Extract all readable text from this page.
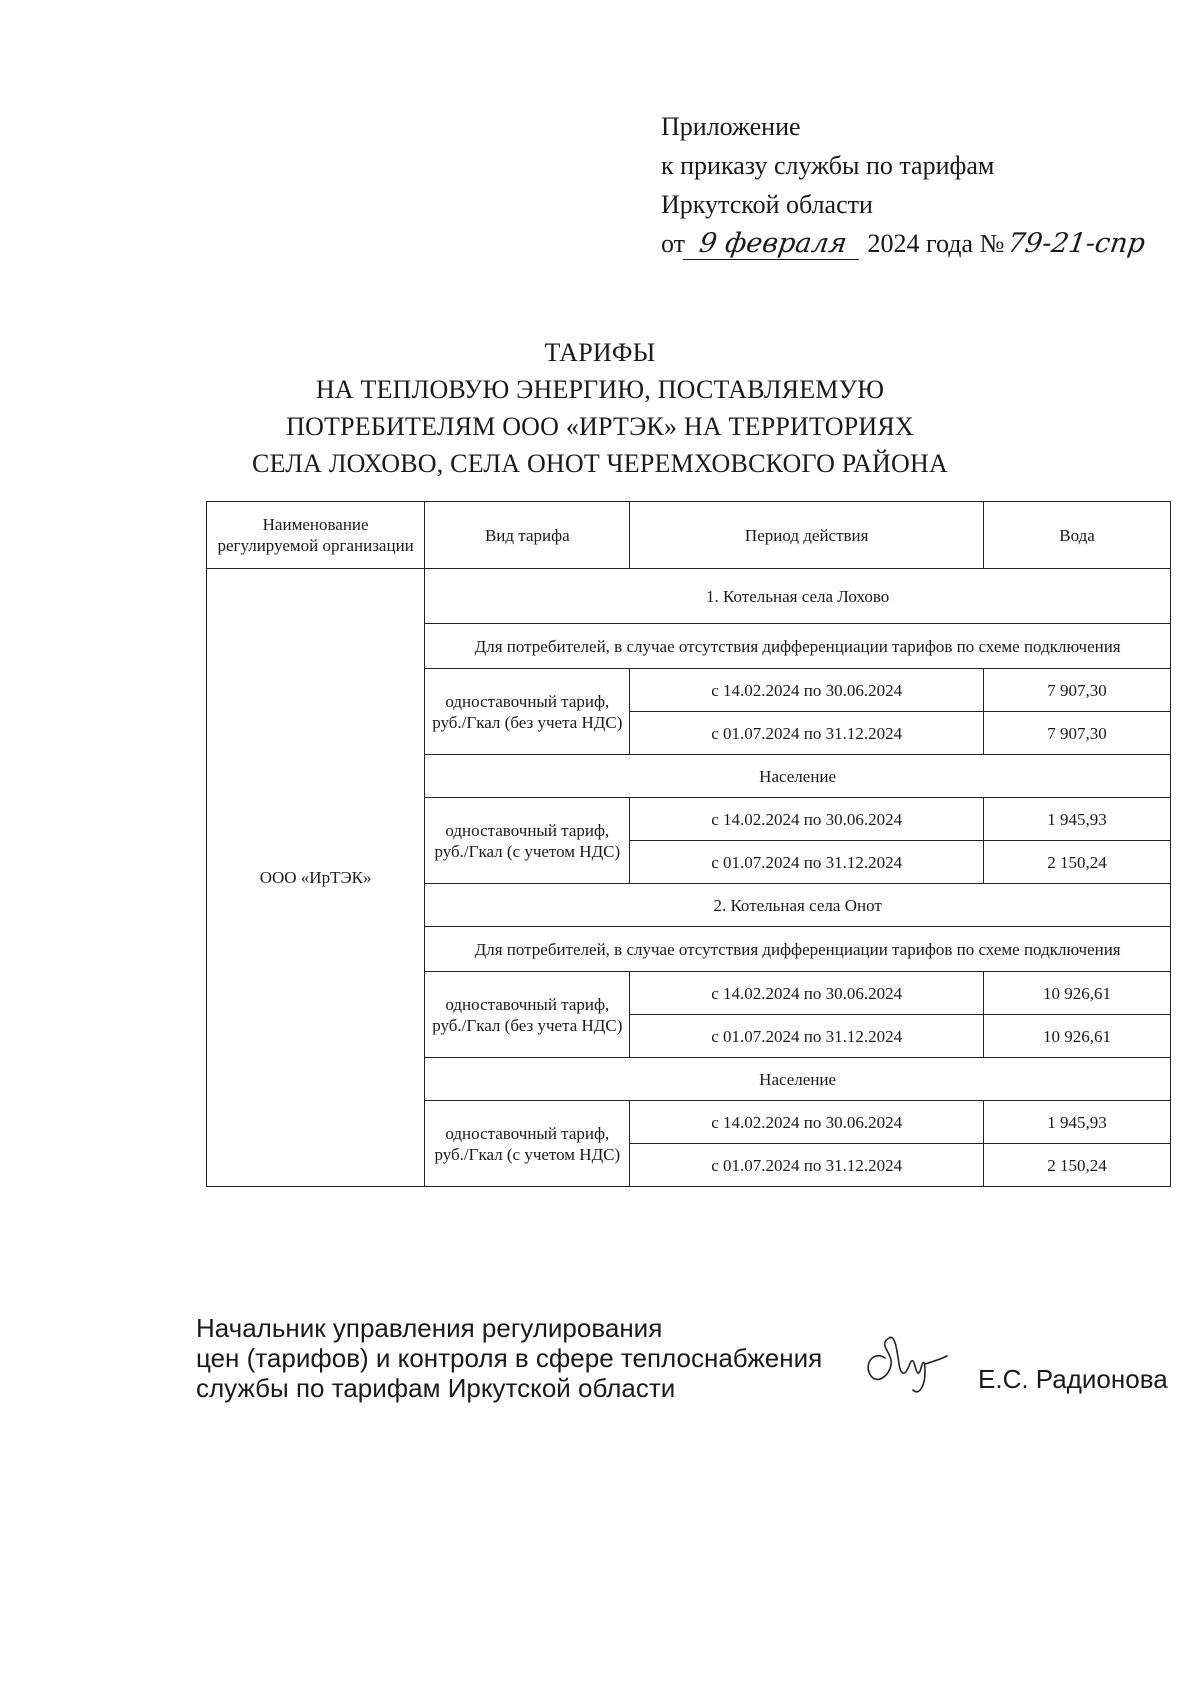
Приложение
к приказу службы по тарифам
Иркутской области
от 9 февраля 2024 года №79-21-спр
ТАРИФЫ
НА ТЕПЛОВУЮ ЭНЕРГИЮ, ПОСТАВЛЯЕМУЮ
ПОТРЕБИТЕЛЯМ ООО «ИРТЭК» НА ТЕРРИТОРИЯХ
СЕЛА ЛОХОВО, СЕЛА ОНОТ ЧЕРЕМХОВСКОГО РАЙОНА
Наименование регулируемой организации	Вид тарифа	Период действия	Вода
ООО «ИрТЭК»	1. Котельная села Лохово		
	Для потребителей, в случае отсутствия дифференциации тарифов по схеме подключения		
	одноставочный тариф, руб./Гкал (без учета НДС)	с 14.02.2024 по 30.06.2024	7 907,30
		с 01.07.2024 по 31.12.2024	7 907,30
	Население		
	одноставочный тариф, руб./Гкал (с учетом НДС)	с 14.02.2024 по 30.06.2024	1 945,93
		с 01.07.2024 по 31.12.2024	2 150,24
	2. Котельная села Онот		
	Для потребителей, в случае отсутствия дифференциации тарифов по схеме подключения		
	одноставочный тариф, руб./Гкал (без учета НДС)	с 14.02.2024 по 30.06.2024	10 926,61
		с 01.07.2024 по 31.12.2024	10 926,61
	Население		
	одноставочный тариф, руб./Гкал (с учетом НДС)	с 14.02.2024 по 30.06.2024	1 945,93
		с 01.07.2024 по 31.12.2024	2 150,24
Начальник управления регулирования
цен (тарифов) и контроля в сфере теплоснабжения
службы по тарифам Иркутской области	Е.С. Радионова
